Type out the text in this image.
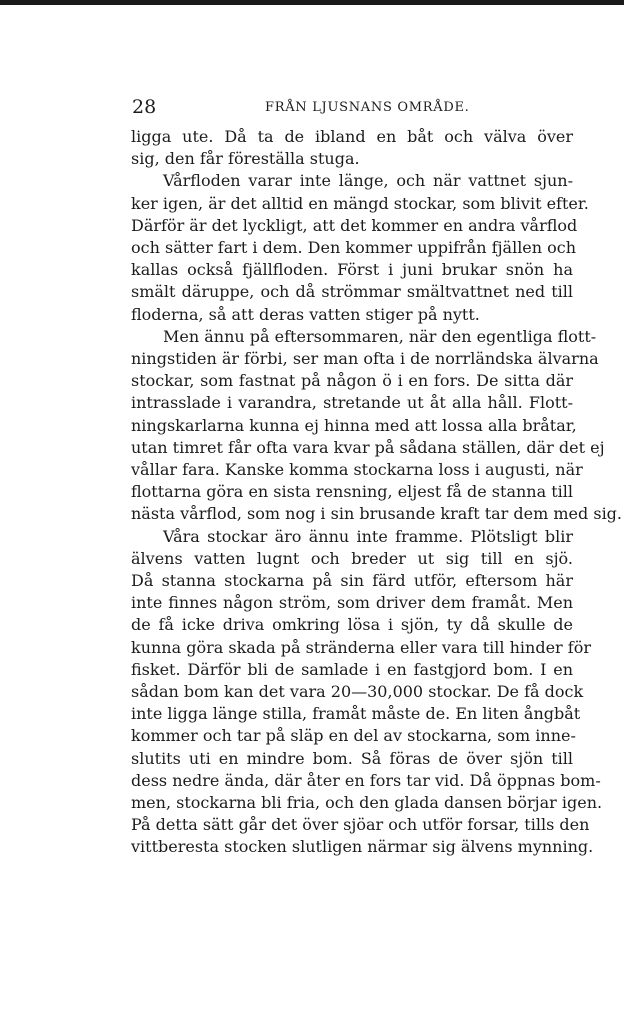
28	FRÅN LJUSNANS OMRÅDE.
ligga ute. Då ta de ibland en båt och välva över
sig, den får föreställa stuga.
Vårfloden varar inte länge, och när vattnet sjun-
ker igen, är det alltid en mängd stockar, som blivit efter.
Därför är det lyckligt, att det kommer en andra vårflod
och sätter fart i dem. Den kommer uppifrån fjällen och
kallas också fjällfloden. Först i juni brukar snön ha
smält däruppe, och då strömmar smältvattnet ned till
floderna, så att deras vatten stiger på nytt.
Men ännu på eftersommaren, när den egentliga flott-
ningstiden är förbi, ser man ofta i de norrländska älvarna
stockar, som fastnat på någon ö i en fors. De sitta där
intrasslade i varandra, stretande ut åt alla håll. Flott-
ningskarlarna kunna ej hinna med att lossa alla bråtar,
utan timret får ofta vara kvar på sådana ställen, där det ej
vållar fara. Kanske komma stockarna loss i augusti, när
flottarna göra en sista rensning, eljest få de stanna till
nästa vårflod, som nog i sin brusande kraft tar dem med sig.
Våra stockar äro ännu inte framme. Plötsligt blir
älvens vatten lugnt och breder ut sig till en sjö.
Då stanna stockarna på sin färd utför, eftersom här
inte finnes någon ström, som driver dem framåt. Men
de få icke driva omkring lösa i sjön, ty då skulle de
kunna göra skada på stränderna eller vara till hinder för
fisket. Därför bli de samlade i en fastgjord bom. I en
sådan bom kan det vara 20—30,000 stockar. De få dock
inte ligga länge stilla, framåt måste de. En liten ångbåt
kommer och tar på släp en del av stockarna, som inne-
slutits uti en mindre bom. Så föras de över sjön till
dess nedre ända, där åter en fors tar vid. Då öppnas bom-
men, stockarna bli fria, och den glada dansen börjar igen.
På detta sätt går det över sjöar och utför forsar, tills den
vittberesta stocken slutligen närmar sig älvens mynning.
